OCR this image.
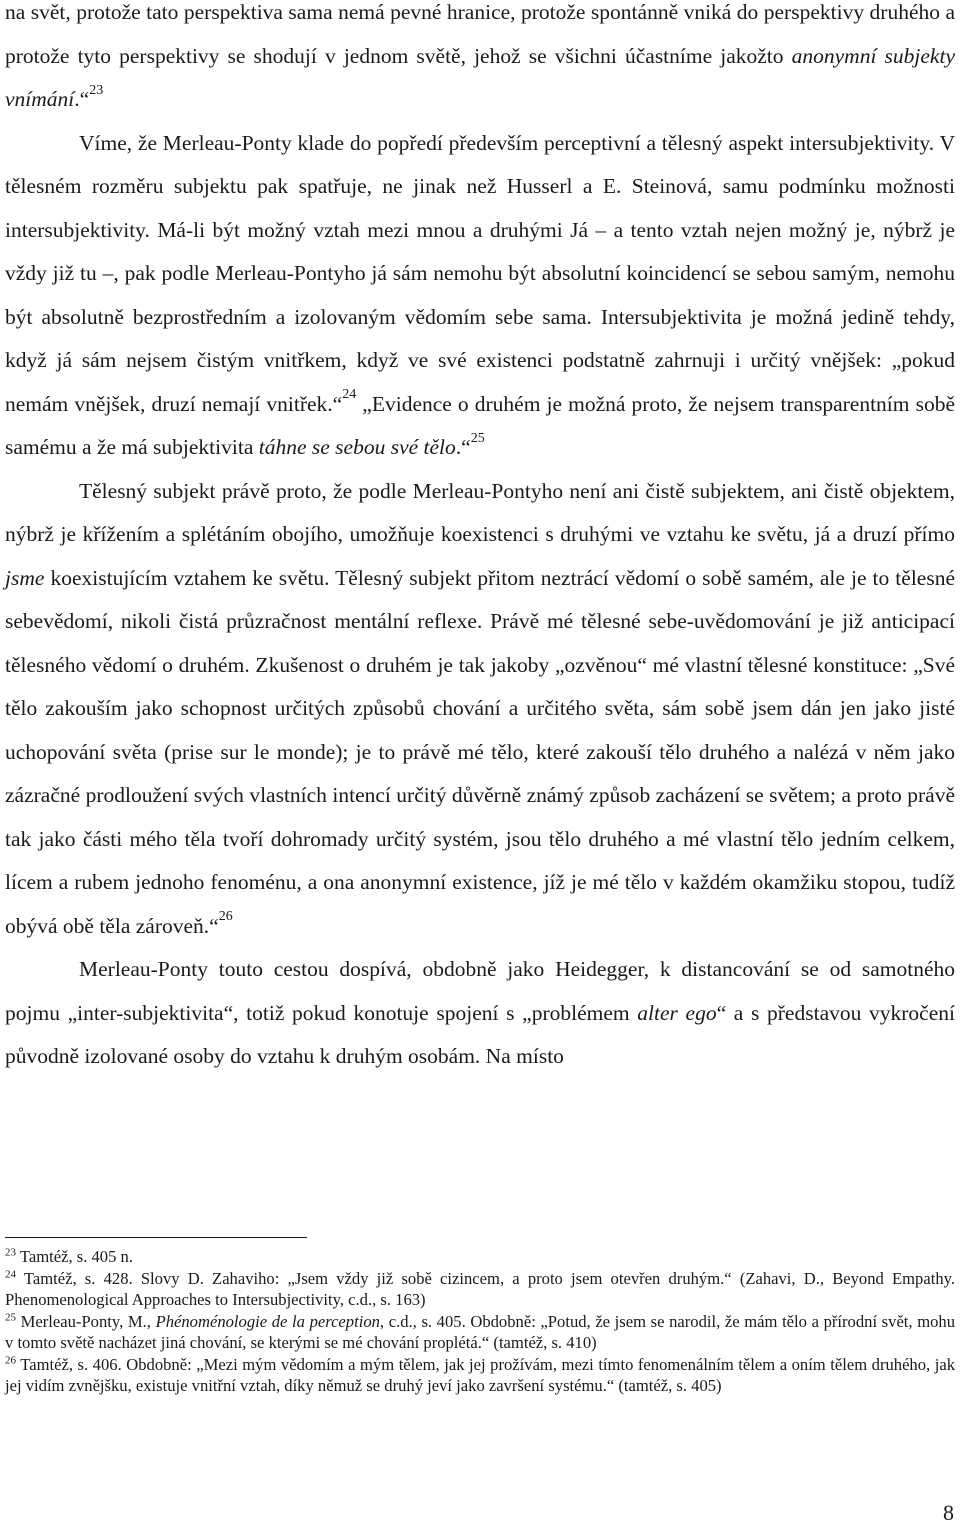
na svět, protože tato perspektiva sama nemá pevné hranice, protože spontánně vniká do perspektivy druhého a protože tyto perspektivy se shodují v jednom světě, jehož se všichni účastníme jakožto anonymní subjekty vnímání.“$^{23}$

Víme, že Merleau-Ponty klade do popředí především perceptivní a tělesný aspekt intersubjektivity. V tělesném rozměru subjektu pak spatřuje, ne jinak než Husserl a E. Steinová, samu podmínku možnosti intersubjektivity. Má-li být možný vztah mezi mnou a druhými Já – a tento vztah nejen možný je, nýbrž je vždy již tu –, pak podle Merleau-Pontyho já sám nemohu být absolutní koincidencí se sebou samým, nemohu být absolutně bezprostředním a izolovaným vědomím sebe sama. Intersubjektivita je možná jedině tehdy, když já sám nejsem čistým vnitřkem, když ve své existenci podstatně zahrnuji i určitý vnějšek: „pokud nemám vnějšek, druzí nemají vnitřek.“$^{24}$ „Evidence o druhém je možná proto, že nejsem transparentním sobě samému a že má subjektivita táhne se sebou své tělo.“$^{25}$

Tělesný subjekt právě proto, že podle Merleau-Pontyho není ani čistě subjektem, ani čistě objektem, nýbrž je křížením a splétáním obojího, umožňuje koexistenci s druhými ve vztahu ke světu, já a druzí přímo jsme koexistujícím vztahem ke světu. Tělesný subjekt přitom neztrácí vědomí o sobě samém, ale je to tělesné sebevědomí, nikoli čistá průzračnost mentální reflexe. Právě mé tělesné sebe-uvědomování je již anticipací tělesného vědomí o druhém. Zkušenost o druhém je tak jakoby „ozvěnou“ mé vlastní tělesné konstituce: „Své tělo zakouším jako schopnost určitých způsobů chování a určitého světa, sám sobě jsem dán jen jako jisté uchopování světa (prise sur le monde); je to právě mé tělo, které zakouší tělo druhého a nalézá v něm jako zázračné prodloužení svých vlastních intencí určitý důvěrně známý způsob zacházení se světem; a proto právě tak jako části mého těla tvoří dohromady určitý systém, jsou tělo druhého a mé vlastní tělo jedním celkem, lícem a rubem jednoho fenoménu, a ona anonymní existence, jíž je mé tělo v každém okamžiku stopou, tudíž obývá obě těla zároveň.“$^{26}$

Merleau-Ponty touto cestou dospívá, obdobně jako Heidegger, k distancování se od samotného pojmu „inter-subjektivita“, totiž pokud konotuje spojení s „problémem alter ego“ a s představou vykročení původně izolované osoby do vztahu k druhým osobám. Na místo

$^{23}$ Tamtéž, s. 405 n.

$^{24}$ Tamtéž, s. 428. Slovy D. Zahaviho: „Jsem vždy již sobě cizincem, a proto jsem otevřen druhým.“ (Zahavi, D., Beyond Empathy. Phenomenological Approaches to Intersubjectivity, c.d., s. 163)

$^{25}$ Merleau-Ponty, M., Phénoménologie de la perception, c.d., s. 405. Obdobně: „Potud, že jsem se narodil, že mám tělo a přírodní svět, mohu v tomto světě nacházet jiná chování, se kterými se mé chování proplétá.“ (tamtéž, s. 410)

$^{26}$ Tamtéž, s. 406. Obdobně: „Mezi mým vědomím a mým tělem, jak jej prožívám, mezi tímto fenomenálním tělem a oním tělem druhého, jak jej vidím zvnějšku, existuje vnitřní vztah, díky němuž se druhý jeví jako završení systému.“ (tamtéž, s. 405)

8
